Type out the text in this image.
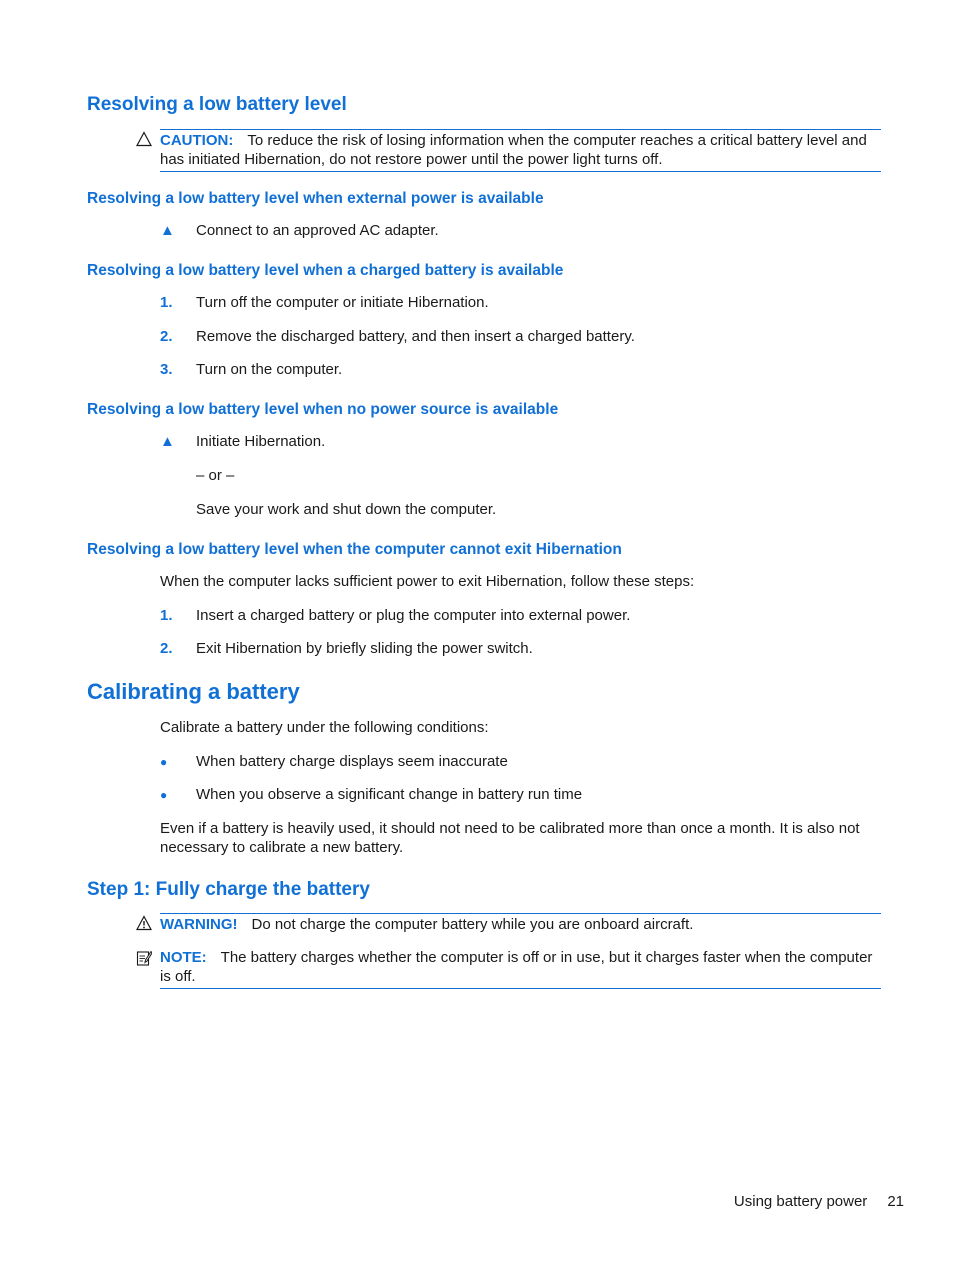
Resolving a low battery level
CAUTION: To reduce the risk of losing information when the computer reaches a critical battery level and has initiated Hibernation, do not restore power until the power light turns off.
Resolving a low battery level when external power is available
▲ Connect to an approved AC adapter.
Resolving a low battery level when a charged battery is available
1. Turn off the computer or initiate Hibernation.
2. Remove the discharged battery, and then insert a charged battery.
3. Turn on the computer.
Resolving a low battery level when no power source is available
▲ Initiate Hibernation.
– or –
Save your work and shut down the computer.
Resolving a low battery level when the computer cannot exit Hibernation

When the computer lacks sufficient power to exit Hibernation, follow these steps:

1. Insert a charged battery or plug the computer into external power.
2. Exit Hibernation by briefly sliding the power switch.
Calibrating a battery

Calibrate a battery under the following conditions:

● When battery charge displays seem inaccurate
● When you observe a significant change in battery run time

Even if a battery is heavily used, it should not need to be calibrated more than once a month. It is also not necessary to calibrate a new battery.

Step 1: Fully charge the battery
WARNING! Do not charge the computer battery while you are onboard aircraft.
NOTE: The battery charges whether the computer is off or in use, but it charges faster when the computer is off.
Using battery power 21
